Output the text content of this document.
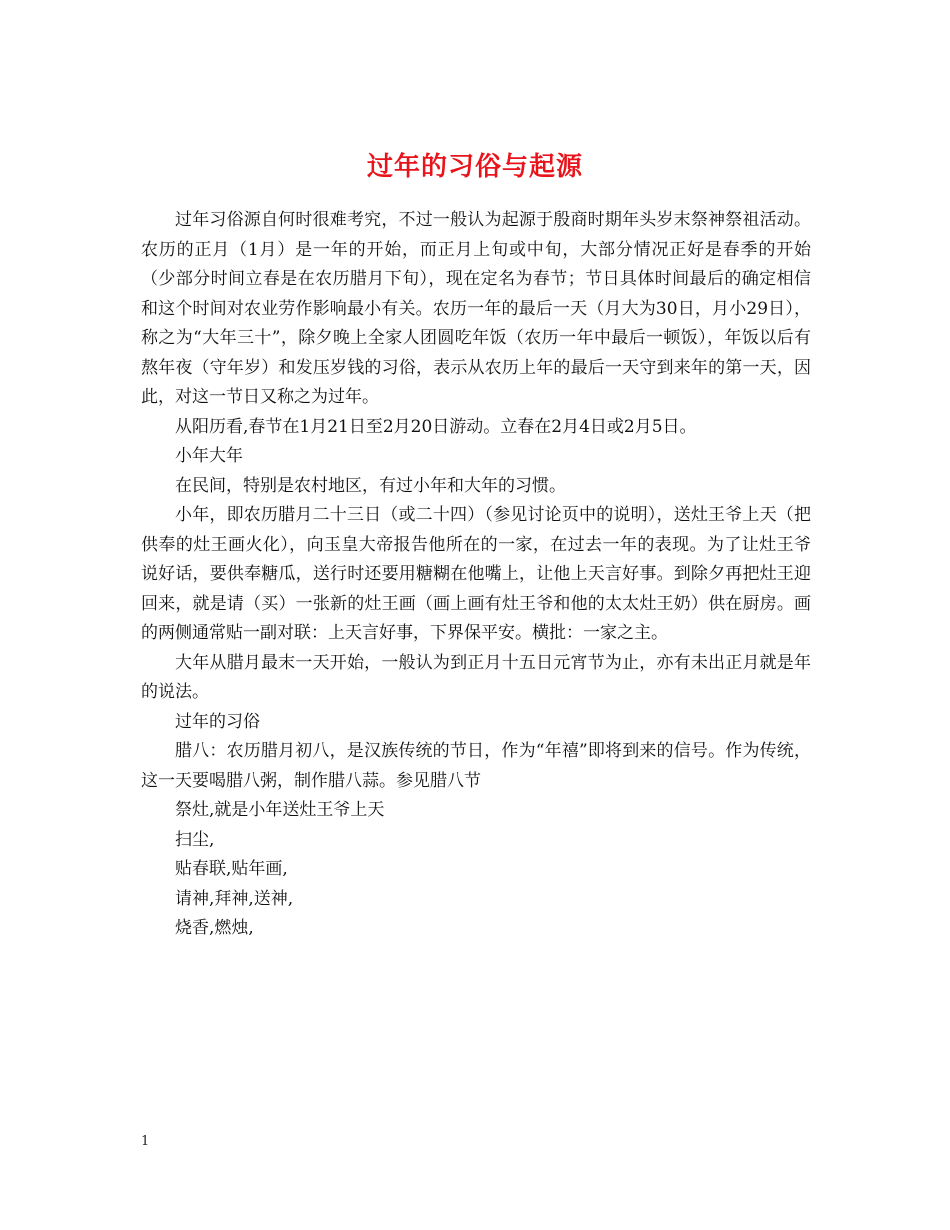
过年的习俗与起源

过年习俗源自何时很难考究，不过一般认为起源于殷商时期年头岁末祭神祭祖活动。农历的正月（1月）是一年的开始，而正月上旬或中旬，大部分情况正好是春季的开始（少部分时间立春是在农历腊月下旬），现在定名为春节；节日具体时间最后的确定相信和这个时间对农业劳作影响最小有关。农历一年的最后一天（月大为30日，月小29日），称之为“大年三十”，除夕晚上全家人团圆吃年饭（农历一年中最后一顿饭），年饭以后有熬年夜（守年岁）和发压岁钱的习俗，表示从农历上年的最后一天守到来年的第一天，因此，对这一节日又称之为过年。

从阳历看,春节在1月21日至2月20日游动。立春在2月4日或2月5日。

小年大年

在民间，特别是农村地区，有过小年和大年的习惯。

小年，即农历腊月二十三日（或二十四）（参见讨论页中的说明），送灶王爷上天（把供奉的灶王画火化），向玉皇大帝报告他所在的一家，在过去一年的表现。为了让灶王爷说好话，要供奉糖瓜，送行时还要用糖糊在他嘴上，让他上天言好事。到除夕再把灶王迎回来，就是请（买）一张新的灶王画（画上画有灶王爷和他的太太灶王奶）供在厨房。画的两侧通常贴一副对联：上天言好事，下界保平安。横批：一家之主。

大年从腊月最末一天开始，一般认为到正月十五日元宵节为止，亦有未出正月就是年的说法。

过年的习俗

腊八：农历腊月初八，是汉族传统的节日，作为“年禧”即将到来的信号。作为传统，这一天要喝腊八粥，制作腊八蒜。参见腊八节

祭灶,就是小年送灶王爷上天

扫尘,

贴春联,贴年画,

请神,拜神,送神,

烧香,燃烛,

1
